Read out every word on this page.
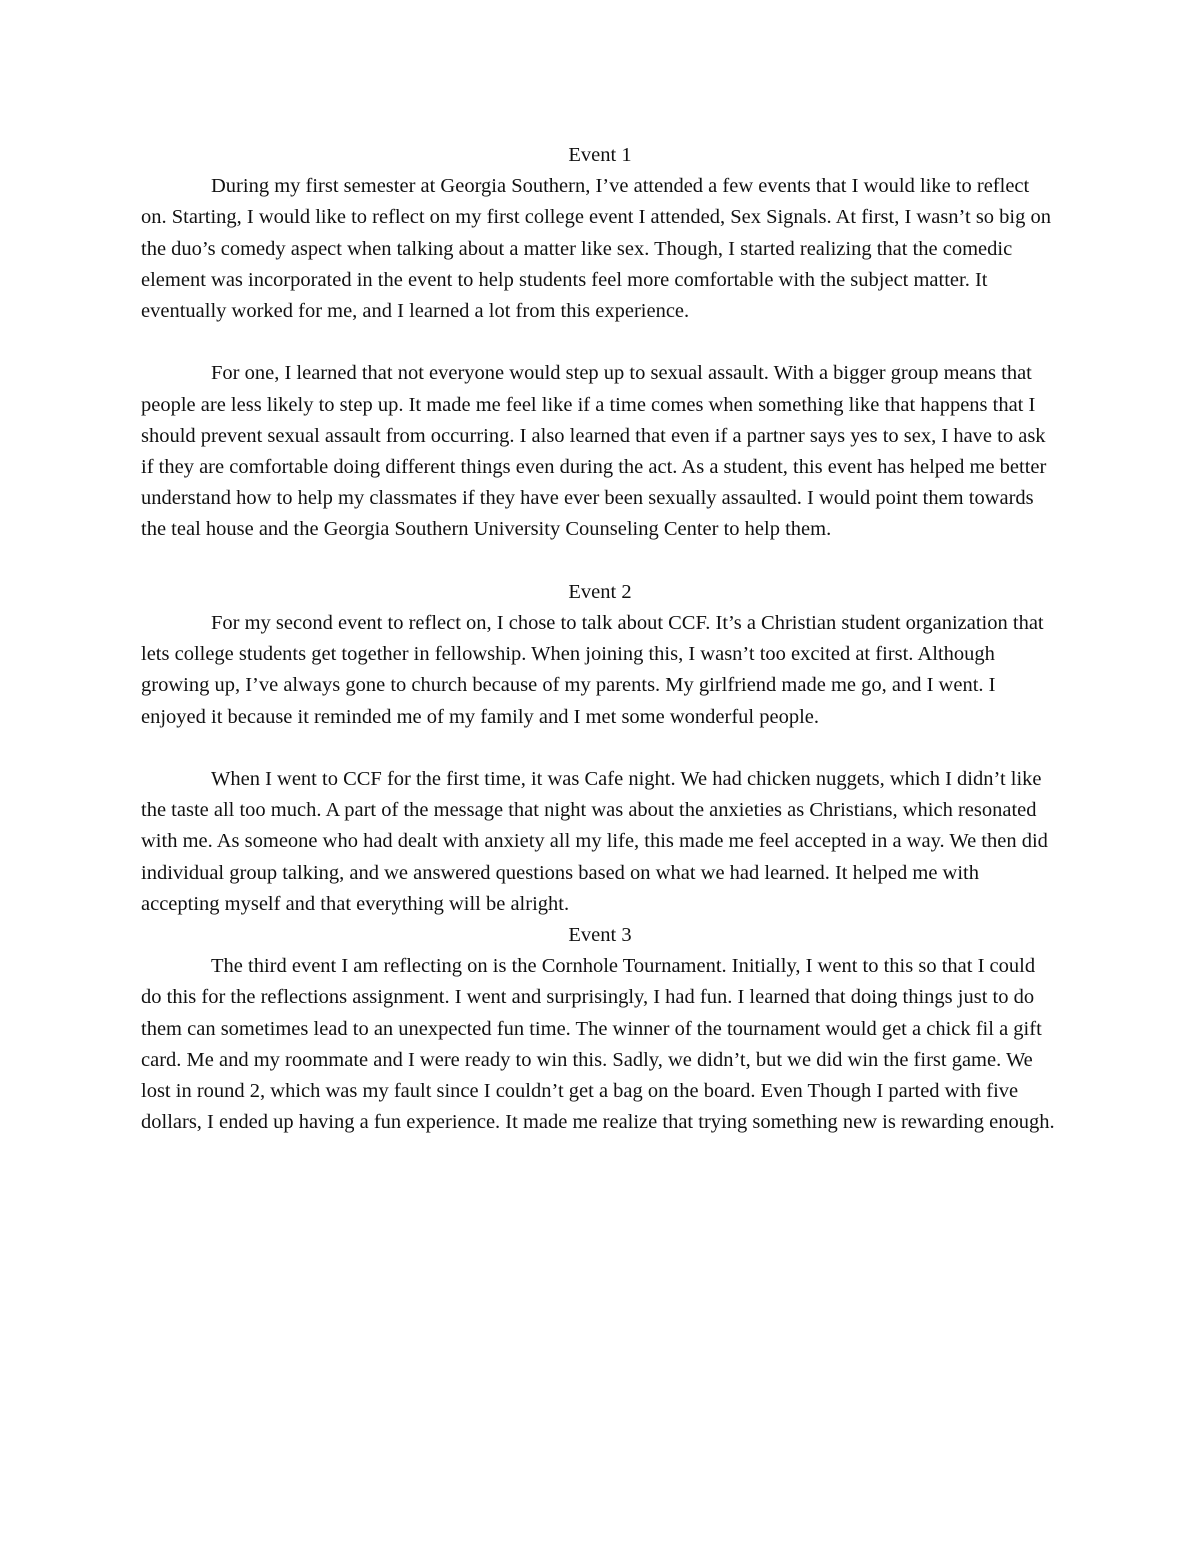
Event 1

During my first semester at Georgia Southern, I’ve attended a few events that I would like to reflect on. Starting, I would like to reflect on my first college event I attended, Sex Signals. At first, I wasn’t so big on the duo’s comedy aspect when talking about a matter like sex. Though, I started realizing that the comedic element was incorporated in the event to help students feel more comfortable with the subject matter. It eventually worked for me, and I learned a lot from this experience.

For one, I learned that not everyone would step up to sexual assault. With a bigger group means that people are less likely to step up. It made me feel like if a time comes when something like that happens that I should prevent sexual assault from occurring. I also learned that even if a partner says yes to sex, I have to ask if they are comfortable doing different things even during the act. As a student, this event has helped me better understand how to help my classmates if they have ever been sexually assaulted. I would point them towards the teal house and the Georgia Southern University Counseling Center to help them.

Event 2

For my second event to reflect on, I chose to talk about CCF. It’s a Christian student organization that lets college students get together in fellowship. When joining this, I wasn’t too excited at first. Although growing up, I’ve always gone to church because of my parents. My girlfriend made me go, and I went. I enjoyed it because it reminded me of my family and I met some wonderful people.

When I went to CCF for the first time, it was Cafe night. We had chicken nuggets, which I didn’t like the taste all too much. A part of the message that night was about the anxieties as Christians, which resonated with me. As someone who had dealt with anxiety all my life, this made me feel accepted in a way. We then did individual group talking, and we answered questions based on what we had learned. It helped me with accepting myself and that everything will be alright.

Event 3

The third event I am reflecting on is the Cornhole Tournament. Initially, I went to this so that I could do this for the reflections assignment. I went and surprisingly, I had fun. I learned that doing things just to do them can sometimes lead to an unexpected fun time. The winner of the tournament would get a chick fil a gift card. Me and my roommate and I were ready to win this. Sadly, we didn’t, but we did win the first game. We lost in round 2, which was my fault since I couldn’t get a bag on the board. Even Though I parted with five dollars, I ended up having a fun experience. It made me realize that trying something new is rewarding enough.
